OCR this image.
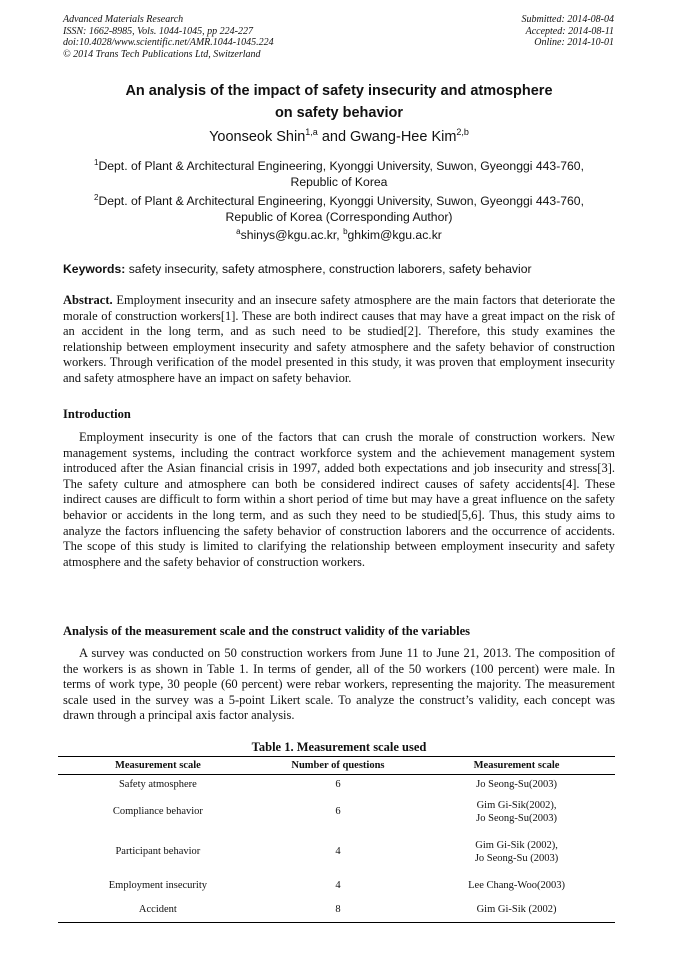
Advanced Materials Research
ISSN: 1662-8985, Vols. 1044-1045, pp 224-227
doi:10.4028/www.scientific.net/AMR.1044-1045.224
© 2014 Trans Tech Publications Ltd, Switzerland
Submitted: 2014-08-04
Accepted: 2014-08-11
Online: 2014-10-01
An analysis of the impact of safety insecurity and atmosphere
on safety behavior
Yoonseok Shin$^{1,a}$ and Gwang-Hee Kim$^{2,b}$
$^1$Dept. of Plant & Architectural Engineering, Kyonggi University, Suwon, Gyeonggi 443-760,
Republic of Korea
$^2$Dept. of Plant & Architectural Engineering, Kyonggi University, Suwon, Gyeonggi 443-760,
Republic of Korea (Corresponding Author)
$^a$shinys@kgu.ac.kr, $^b$ghkim@kgu.ac.kr
Keywords: safety insecurity, safety atmosphere, construction laborers, safety behavior
Abstract. Employment insecurity and an insecure safety atmosphere are the main factors that deteriorate the morale of construction workers[1]. These are both indirect causes that may have a great impact on the risk of an accident in the long term, and as such need to be studied[2]. Therefore, this study examines the relationship between employment insecurity and safety atmosphere and the safety behavior of construction workers. Through verification of the model presented in this study, it was proven that employment insecurity and safety atmosphere have an impact on safety behavior.
Introduction
Employment insecurity is one of the factors that can crush the morale of construction workers. New management systems, including the contract workforce system and the achievement management system introduced after the Asian financial crisis in 1997, added both expectations and job insecurity and stress[3]. The safety culture and atmosphere can both be considered indirect causes of safety accidents[4]. These indirect causes are difficult to form within a short period of time but may have a great influence on the safety behavior or accidents in the long term, and as such they need to be studied[5,6]. Thus, this study aims to analyze the factors influencing the safety behavior of construction laborers and the occurrence of accidents. The scope of this study is limited to clarifying the relationship between employment insecurity and safety atmosphere and the safety behavior of construction workers.
Analysis of the measurement scale and the construct validity of the variables
A survey was conducted on 50 construction workers from June 11 to June 21, 2013. The composition of the workers is as shown in Table 1. In terms of gender, all of the 50 workers (100 percent) were male. In terms of work type, 30 people (60 percent) were rebar workers, representing the majority. The measurement scale used in the survey was a 5-point Likert scale. To analyze the construct’s validity, each concept was drawn through a principal axis factor analysis.
Table 1. Measurement scale used
Measurement scale	Number of questions	Measurement scale
Safety atmosphere	6	Jo Seong-Su(2003)

Compliance behavior	6	Gim Gi-Sik(2002),
Jo Seong-Su(2003)

Participant behavior	4	Gim Gi-Sik (2002),
Jo Seong-Su (2003)

Employment insecurity	4	Lee Chang-Woo(2003)

Accident	8	Gim Gi-Sik (2002)
